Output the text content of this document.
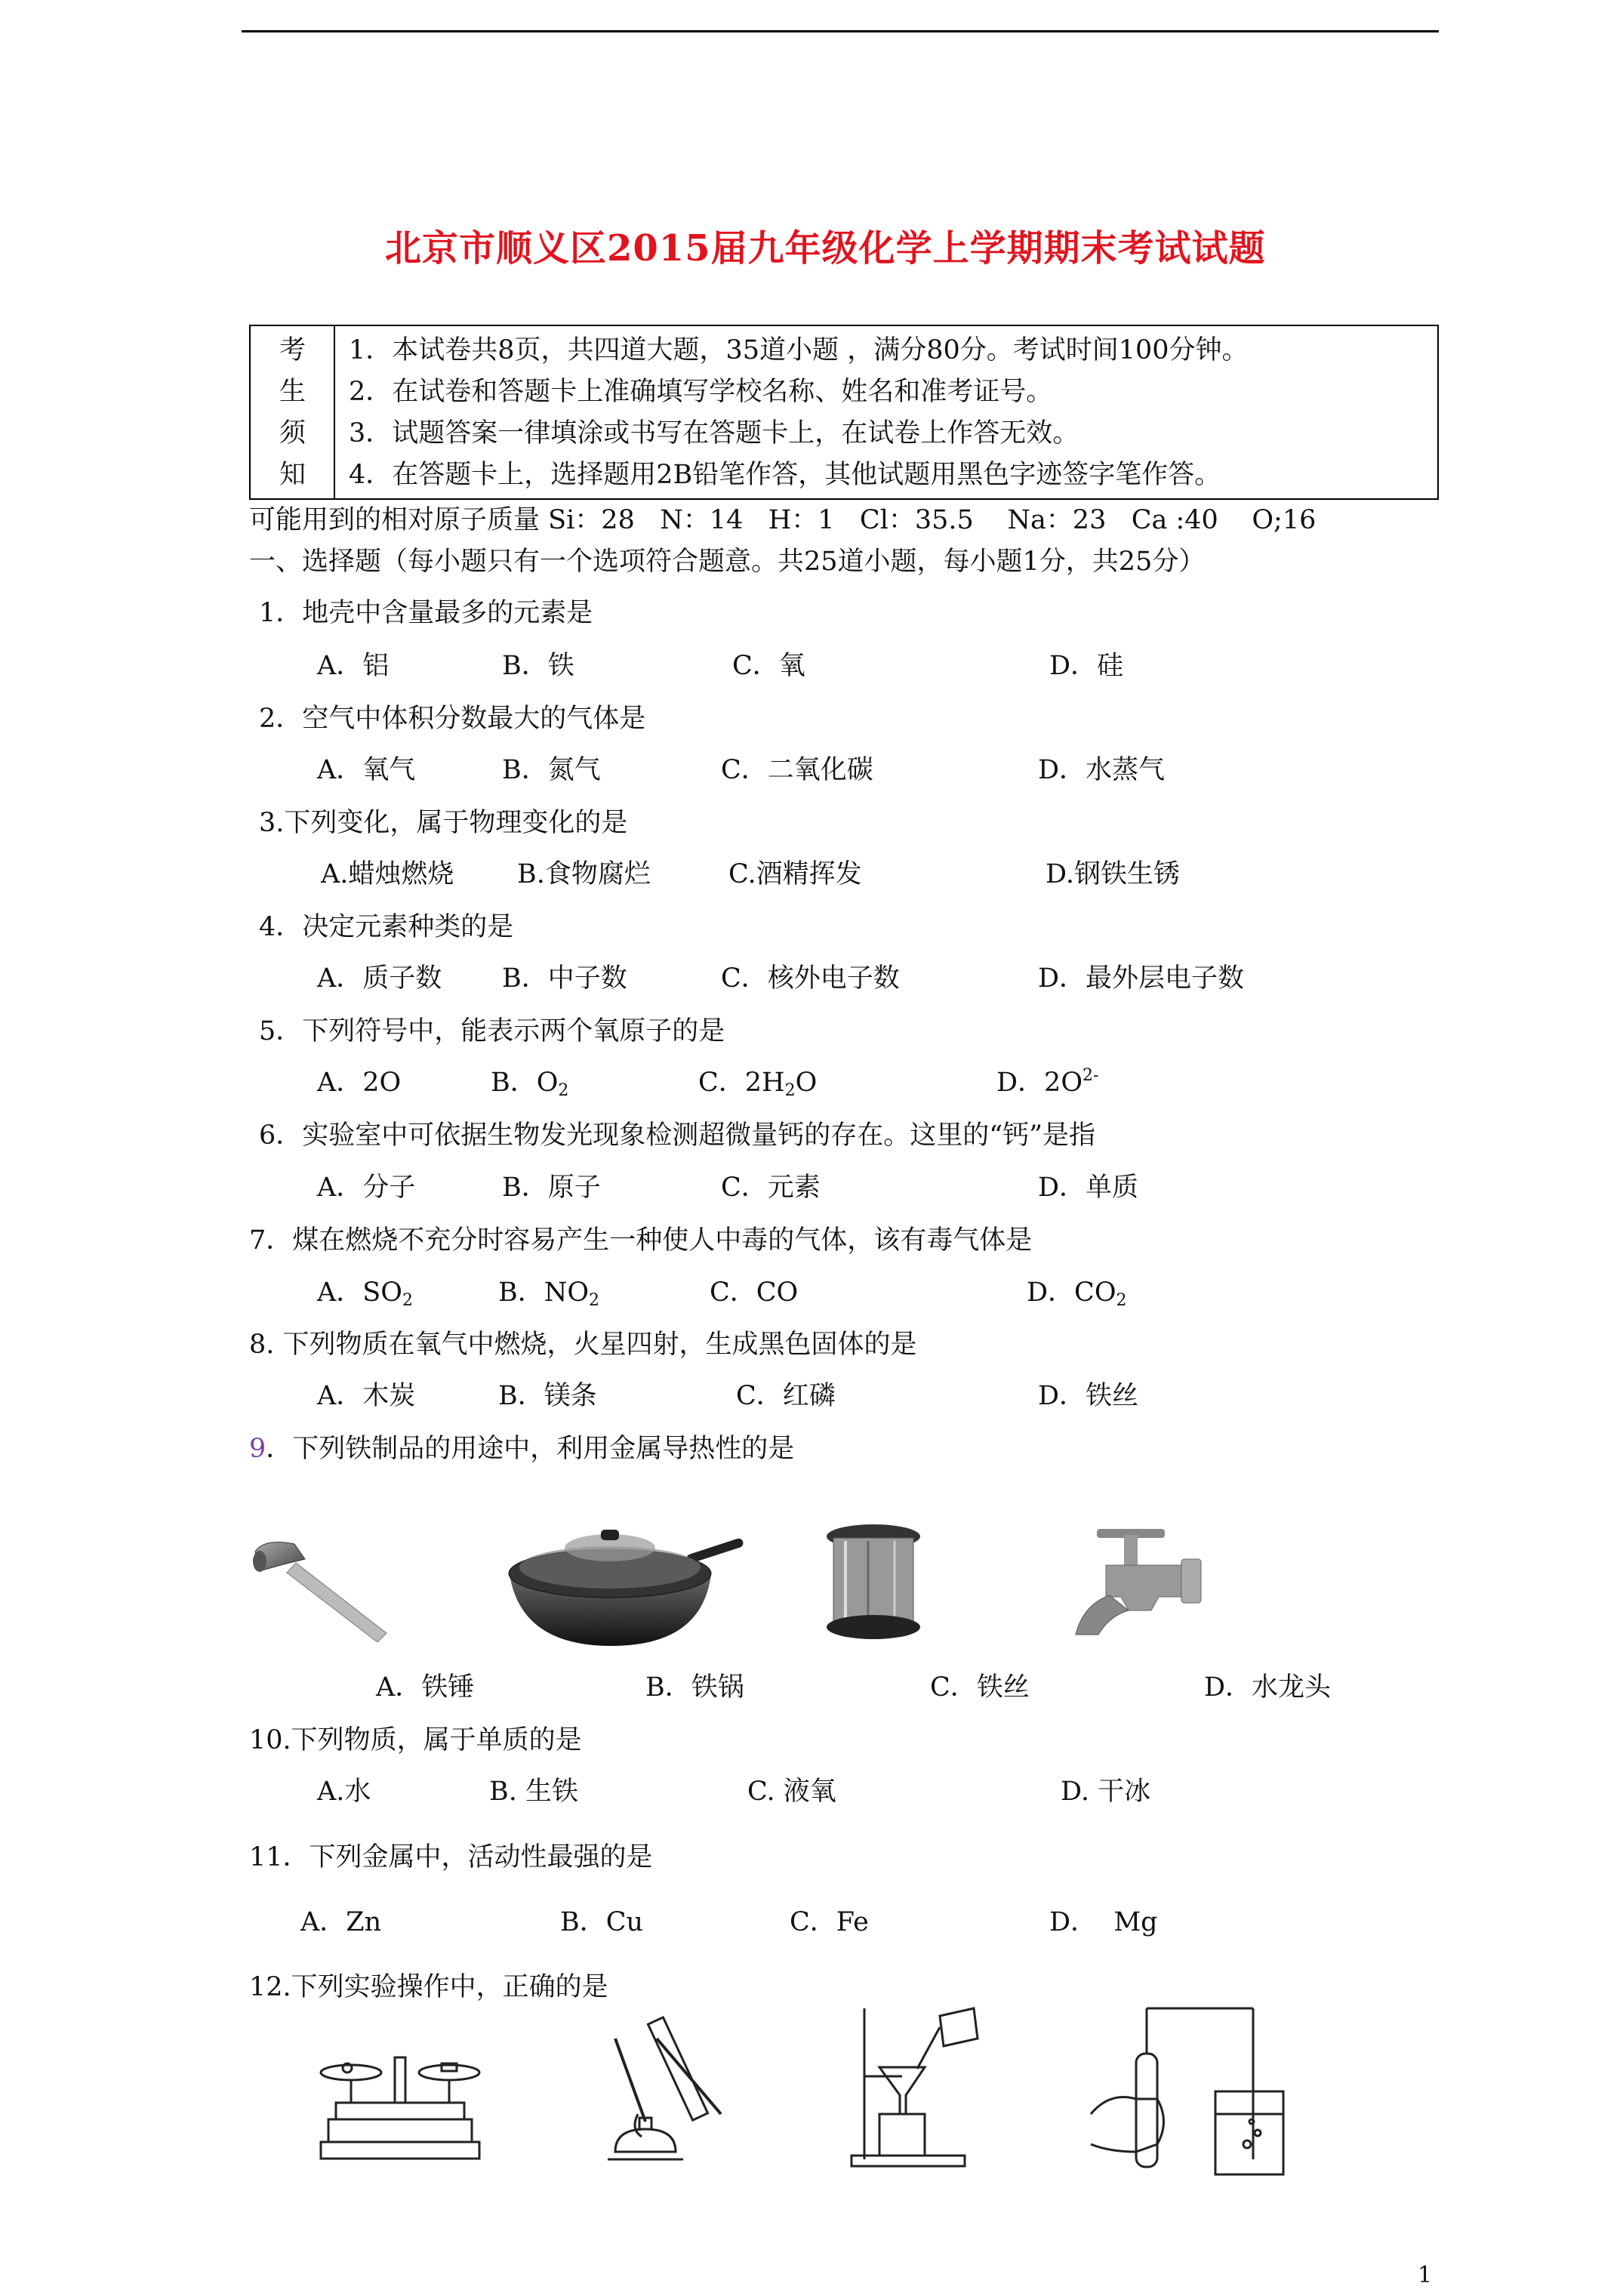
北京市顺义区2015届九年级化学上学期期末考试试题
考
生
须
知
1．本试卷共8页，共四道大题，35道小题 ，满分80分。考试时间100分钟。
2．在试卷和答题卡上准确填写学校名称、姓名和准考证号。
3．试题答案一律填涂或书写在答题卡上，在试卷上作答无效。
4．在答题卡上，选择题用2B铅笔作答，其他试题用黑色字迹签字笔作答。
可能用到的相对原子质量 Si：28   N：14   H：1   Cl：35.5    Na：23   Ca :40    O;16
一、选择题（每小题只有一个选项符合题意。共25道小题，每小题1分，共25分）
1．地壳中含量最多的元素是
A．铝	B．铁	C．氧	D．硅
2．空气中体积分数最大的气体是
A．氧气	B．氮气	C．二氧化碳	D．水蒸气
3.下列变化，属于物理变化的是
A.蜡烛燃烧 B.食物腐烂	C.酒精挥发	D.钢铁生锈
4．决定元素种类的是
A．质子数 B．中子数	C．核外电子数	D．最外层电子数
5．下列符号中，能表示两个氧原子的是
A．2O	B．$O_2$	C．$2H_2O$	D．$2O^{2-}$
6．实验室中可依据生物发光现象检测超微量钙的存在。这里的“钙”是指
A．分子	B．原子	C．元素	D．单质
7．煤在燃烧不充分时容易产生一种使人中毒的气体，该有毒气体是
A．$SO_2$	B．$NO_2$	C．CO	D．$CO_2$
8. 下列物质在氧气中燃烧，火星四射，生成黑色固体的是
A．木炭	B．镁条	C．红磷	D．铁丝
9．下列铁制品的用途中，利用金属导热性的是
A．铁锤	B．铁锅	C．铁丝	D．水龙头
10.下列物质，属于单质的是
A.水	B. 生铁	C. 液氧	D. 干冰
11．下列金属中，活动性最强的是
A．Zn	B．Cu	C．Fe	D．  Mg
12.下列实验操作中，正确的是
1
